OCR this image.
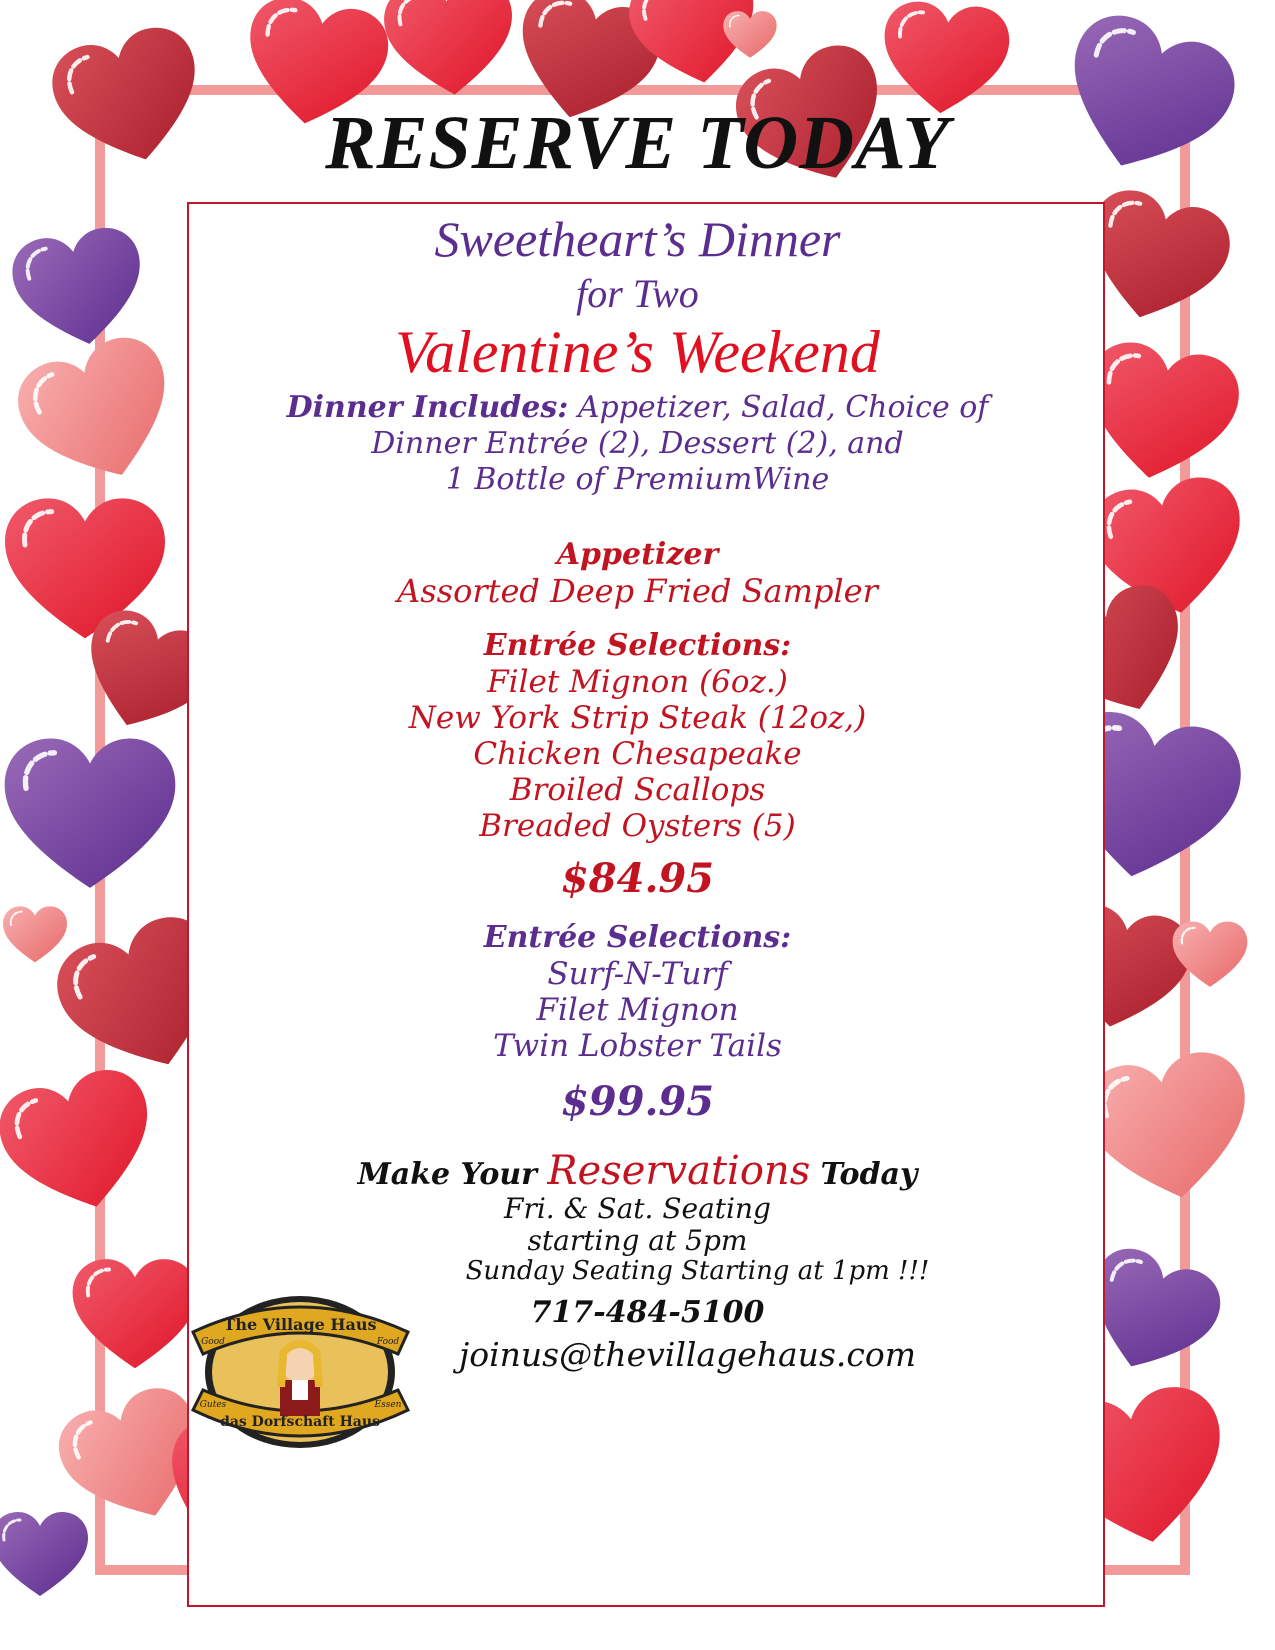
RESERVE TODAY
Sweetheart’s Dinner
for Two
Valentine’s Weekend
Dinner Includes: Appetizer, Salad, Choice of
Dinner Entrée (2), Dessert (2), and
1 Bottle of PremiumWine
Appetizer
Assorted Deep Fried Sampler
Entrée Selections:
Filet Mignon (6oz.)
New York Strip Steak (12oz,)
Chicken Chesapeake
Broiled Scallops
Breaded Oysters (5)
$84.95
Entrée Selections:
Surf-N-Turf
Filet Mignon
Twin Lobster Tails
$99.95
Make Your Reservations Today
Fri. & Sat. Seating
starting at 5pm
Sunday Seating Starting at 1pm !!!
717-484-5100
joinus@thevillagehaus.com
The Village Haus
das Dorfschaft Haus
Good	Food
Gutes	Essen
